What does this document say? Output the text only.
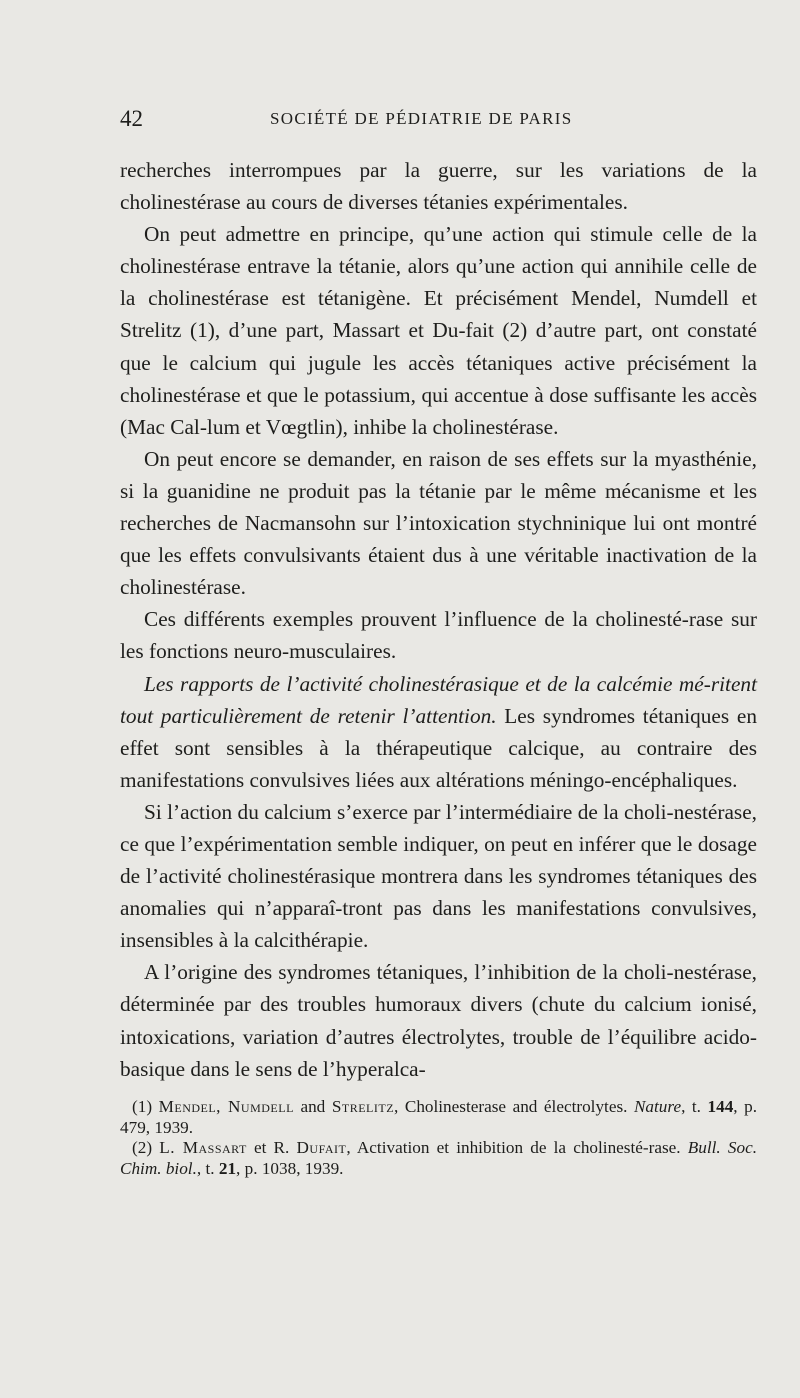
42	SOCIÉTÉ DE PÉDIATRIE DE PARIS

recherches interrompues par la guerre, sur les variations de la cholinestérase au cours de diverses tétanies expérimentales.

On peut admettre en principe, qu’une action qui stimule celle de la cholinestérase entrave la tétanie, alors qu’une action qui annihile celle de la cholinestérase est tétanigène. Et précisément Mendel, Numdell et Strelitz (1), d’une part, Massart et Du-fait (2) d’autre part, ont constaté que le calcium qui jugule les accès tétaniques active précisément la cholinestérase et que le potassium, qui accentue à dose suffisante les accès (Mac Cal-lum et Vœgtlin), inhibe la cholinestérase.

On peut encore se demander, en raison de ses effets sur la myasthénie, si la guanidine ne produit pas la tétanie par le même mécanisme et les recherches de Nacmansohn sur l’intoxication stychninique lui ont montré que les effets convulsivants étaient dus à une véritable inactivation de la cholinestérase.

Ces différents exemples prouvent l’influence de la cholinesté-rase sur les fonctions neuro-musculaires.

Les rapports de l’activité cholinestérasique et de la calcémie mé-ritent tout particulièrement de retenir l’attention. Les syndromes tétaniques en effet sont sensibles à la thérapeutique calcique, au contraire des manifestations convulsives liées aux altérations méningo-encéphaliques.

Si l’action du calcium s’exerce par l’intermédiaire de la choli-nestérase, ce que l’expérimentation semble indiquer, on peut en inférer que le dosage de l’activité cholinestérasique montrera dans les syndromes tétaniques des anomalies qui n’apparaî-tront pas dans les manifestations convulsives, insensibles à la calcithérapie.

A l’origine des syndromes tétaniques, l’inhibition de la choli-nestérase, déterminée par des troubles humoraux divers (chute du calcium ionisé, intoxications, variation d’autres électrolytes, trouble de l’équilibre acido-basique dans le sens de l’hyperalca-

(1) Mendel, Numdell and Strelitz, Cholinesterase and électrolytes. Nature, t. 144, p. 479, 1939.

(2) L. Massart et R. Dufait, Activation et inhibition de la cholinesté-rase. Bull. Soc. Chim. biol., t. 21, p. 1038, 1939.
